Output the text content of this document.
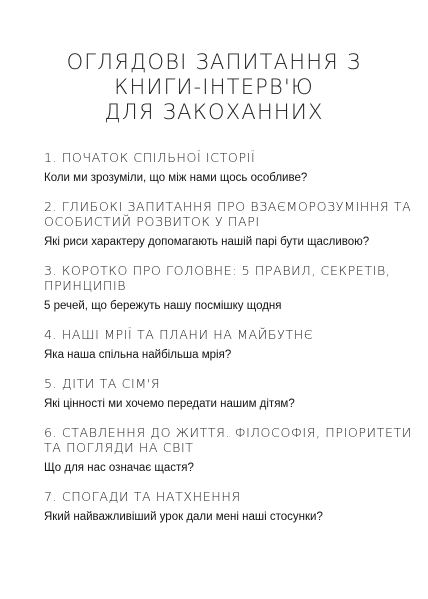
ОГЛЯДОВІ ЗАПИТАННЯ З
КНИГИ-ІНТЕРВ'Ю
ДЛЯ ЗАКОХАННИХ

1. ПОЧАТОК СПІЛЬНОЇ ІСТОРІЇ

Коли ми зрозуміли, що між нами щось особливе?

2. ГЛИБОКІ ЗАПИТАННЯ ПРО ВЗАЄМОРОЗУМІННЯ ТА ОСОБИСТИЙ РОЗВИТОК У ПАРІ

Які риси характеру допомагають нашій парі бути щасливою?

3. КОРОТКО ПРО ГОЛОВНЕ: 5 ПРАВИЛ, СЕКРЕТІВ, ПРИНЦИПІВ

5 речей, що бережуть нашу посмішку щодня

4. НАШІ МРІЇ ТА ПЛАНИ НА МАЙБУТНЄ

Яка наша спільна найбільша мрія?

5. ДІТИ ТА СІМ'Я

Які цінності ми хочемо передати нашим дітям?

6. СТАВЛЕННЯ ДО ЖИТТЯ. ФІЛОСОФІЯ, ПРІОРИТЕТИ ТА ПОГЛЯДИ НА СВІТ

Що для нас означає щастя?

7. СПОГАДИ ТА НАТХНЕННЯ

Який найважливіший урок дали мені наші стосунки?
